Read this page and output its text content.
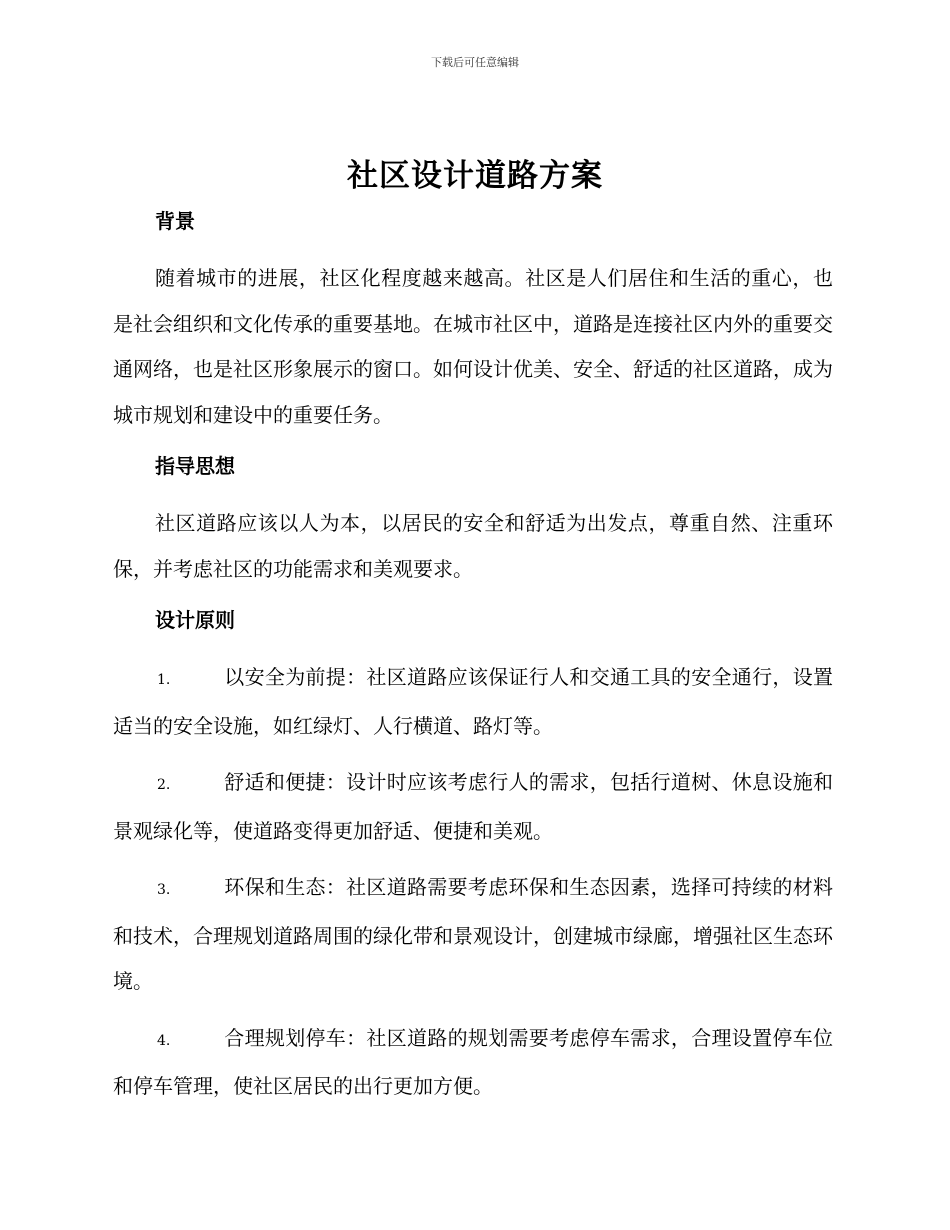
下载后可任意编辑
社区设计道路方案
背景

随着城市的进展，社区化程度越来越高。社区是人们居住和生活的重心，也是社会组织和文化传承的重要基地。在城市社区中，道路是连接社区内外的重要交通网络，也是社区形象展示的窗口。如何设计优美、安全、舒适的社区道路，成为城市规划和建设中的重要任务。

指导思想

社区道路应该以人为本，以居民的安全和舒适为出发点，尊重自然、注重环保，并考虑社区的功能需求和美观要求。

设计原则

1.	以安全为前提：社区道路应该保证行人和交通工具的安全通行，设置适当的安全设施，如红绿灯、人行横道、路灯等。

2.	舒适和便捷：设计时应该考虑行人的需求，包括行道树、休息设施和景观绿化等，使道路变得更加舒适、便捷和美观。

3.	环保和生态：社区道路需要考虑环保和生态因素，选择可持续的材料和技术，合理规划道路周围的绿化带和景观设计，创建城市绿廊，增强社区生态环境。

4.	合理规划停车：社区道路的规划需要考虑停车需求，合理设置停车位和停车管理，使社区居民的出行更加方便。
